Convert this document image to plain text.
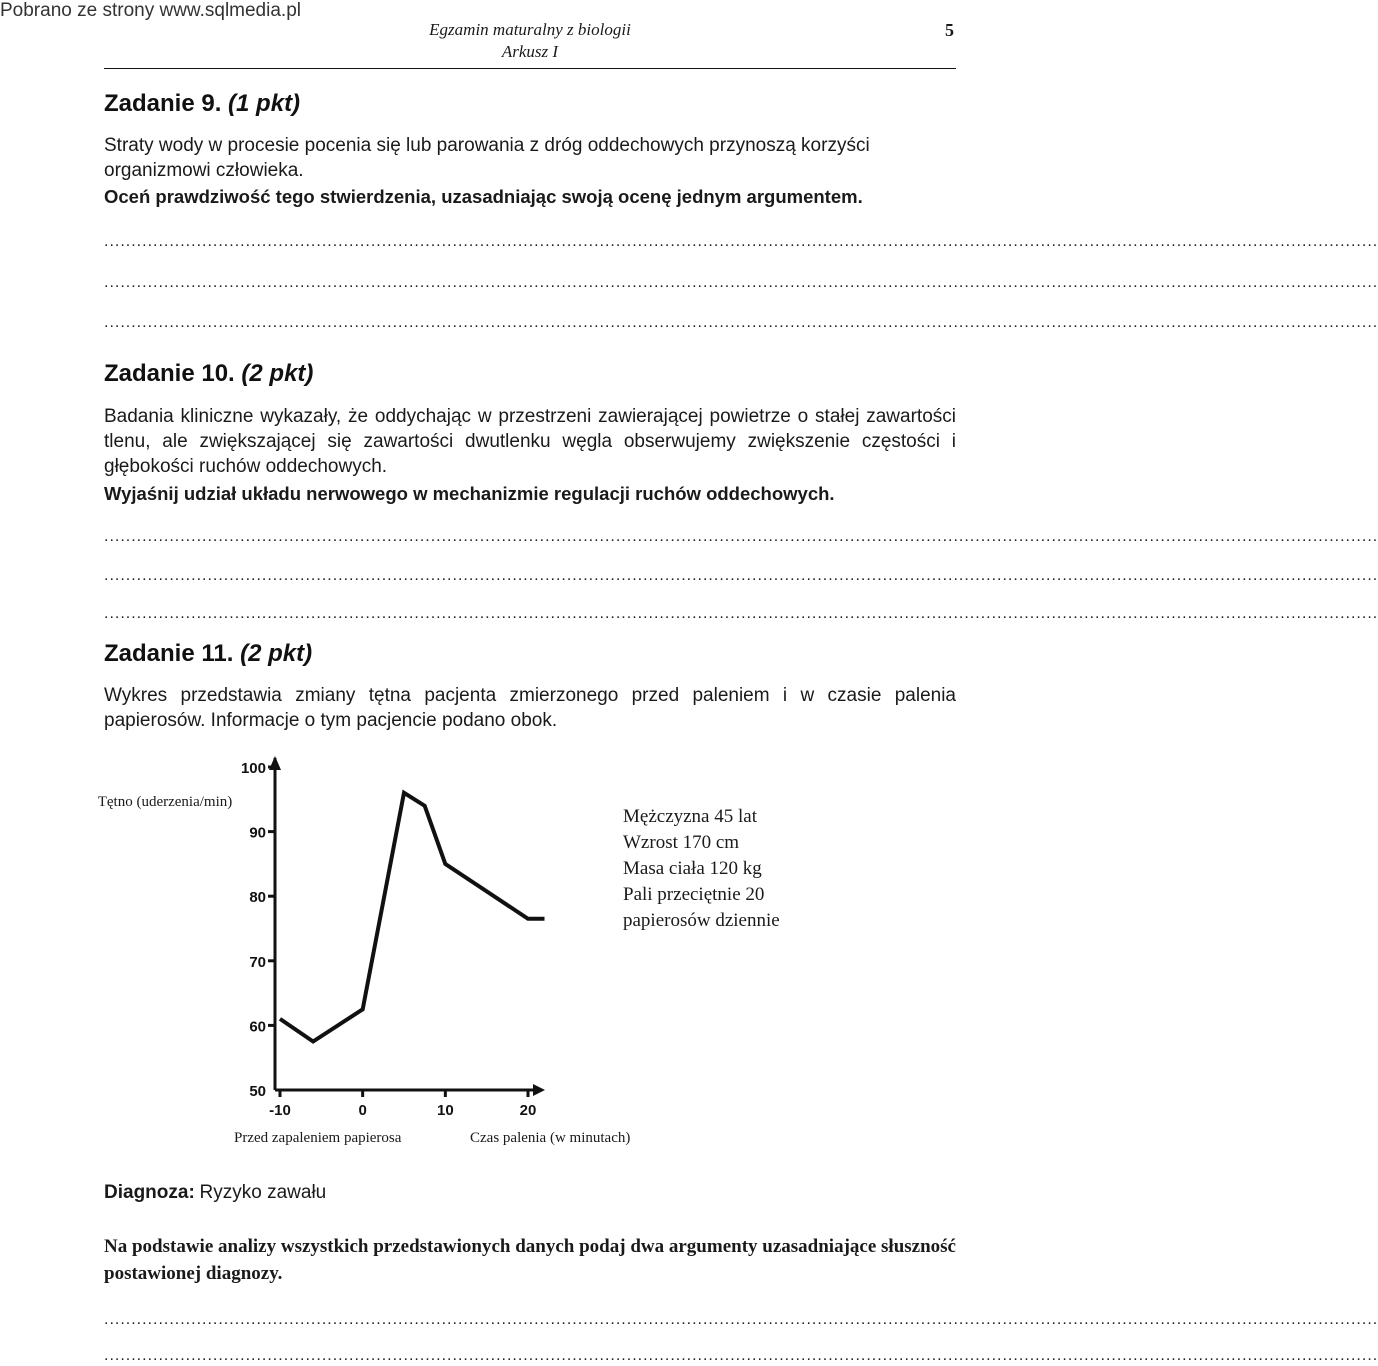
Pobrano ze strony www.sqlmedia.pl
Egzamin maturalny z biologii
Arkusz I
5
Zadanie 9. (1 pkt)
Straty wody w procesie pocenia się lub parowania z dróg oddechowych przynoszą korzyści
organizmowi człowieka.
Oceń prawdziwość tego stwierdzenia, uzasadniając swoją ocenę jednym argumentem.
..........................................................................................................................................................................................................................................
..........................................................................................................................................................................................................................................
..........................................................................................................................................................................................................................................
Zadanie 10. (2 pkt)
Badania kliniczne wykazały, że oddychając w przestrzeni zawierającej powietrze o stałej zawartości tlenu, ale zwiększającej się zawartości dwutlenku węgla obserwujemy zwiększenie częstości i głębokości ruchów oddechowych.
Wyjaśnij udział układu nerwowego w mechanizmie regulacji ruchów oddechowych.
..........................................................................................................................................................................................................................................
..........................................................................................................................................................................................................................................
..........................................................................................................................................................................................................................................
Zadanie 11. (2 pkt)
Wykres przedstawia zmiany tętna pacjenta zmierzonego przed paleniem i w czasie palenia papierosów. Informacje o tym pacjencie podano obok.
Tętno (uderzenia/min)
50
60
70
80
90
100
-10	0	10	20
Mężczyzna 45 lat
Wzrost 170 cm
Masa ciała 120 kg
Pali przeciętnie 20
papierosów dziennie
Przed zapaleniem papierosa	Czas palenia (w minutach)
Diagnoza: Ryzyko zawału
Na podstawie analizy wszystkich przedstawionych danych podaj dwa argumenty uzasadniające słuszność postawionej diagnozy.
..........................................................................................................................................................................................................................................
..........................................................................................................................................................................................................................................
